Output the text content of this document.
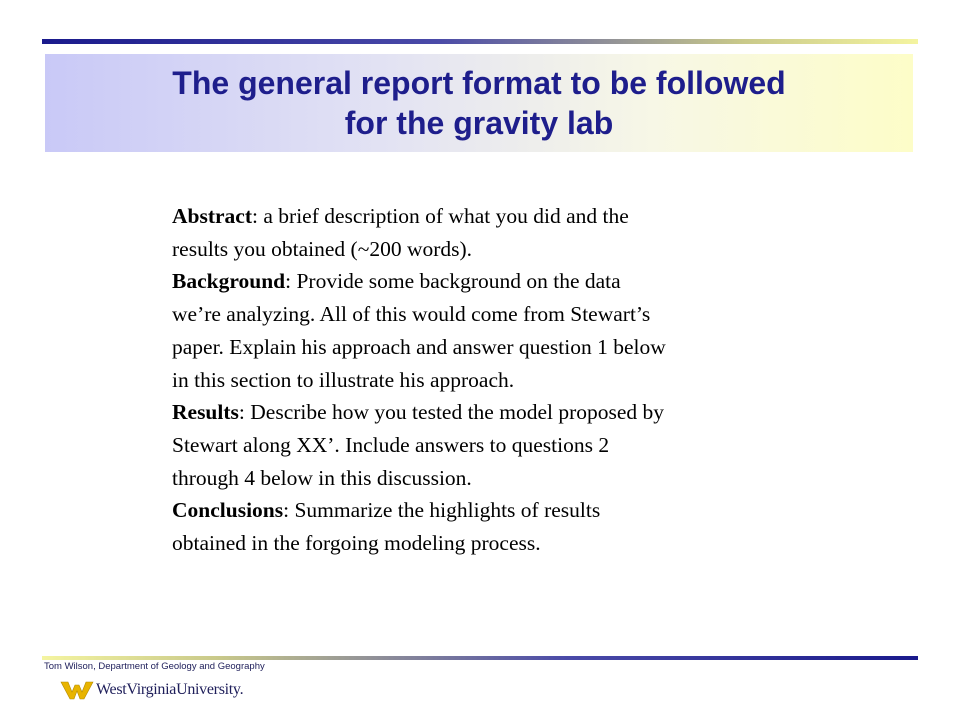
The general report format to be followed
for the gravity lab

Abstract: a brief description of what you did and the

results you obtained (~200 words).

Background: Provide some background on the data

we’re analyzing. All of this would come from Stewart’s

paper. Explain his approach and answer question 1 below

in this section to illustrate his approach.

Results: Describe how you tested the model proposed by

Stewart along XX’. Include answers to questions 2

through 4 below in this discussion.

Conclusions: Summarize the highlights of results

obtained in the forgoing modeling process.

Tom Wilson, Department of Geology and Geography
WestVirginiaUniversity.
